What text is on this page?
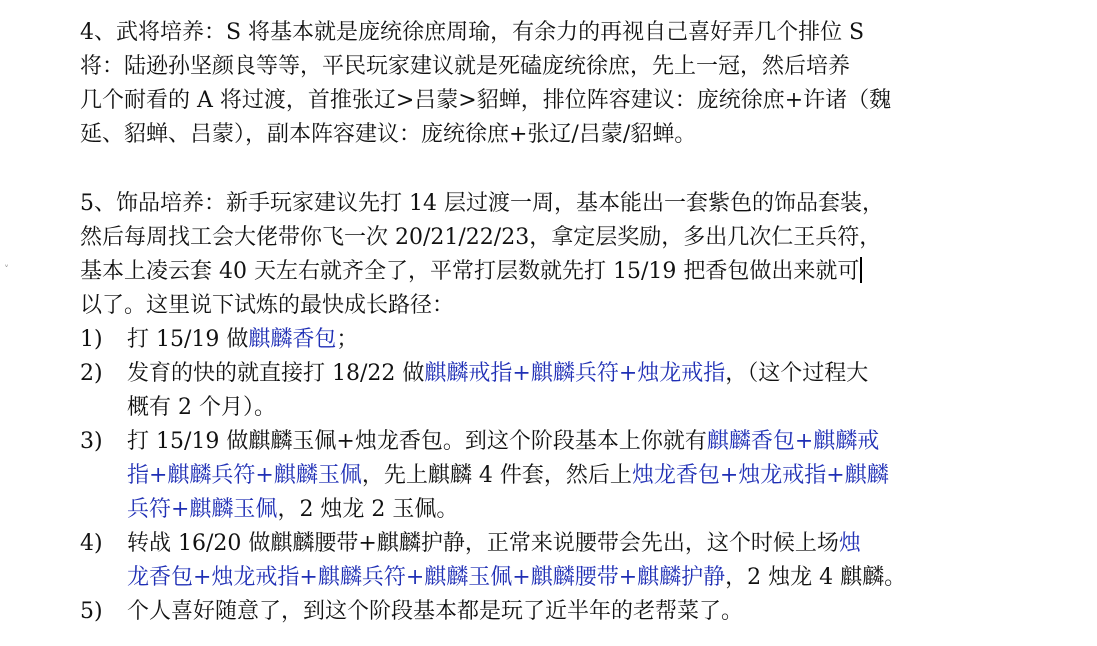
˅
4、武将培养：S 将基本就是庞统徐庶周瑜，有余力的再视自己喜好弄几个排位 S
将：陆逊孙坚颜良等等，平民玩家建议就是死磕庞统徐庶，先上一冠，然后培养
几个耐看的 A 将过渡，首推张辽>吕蒙>貂蝉，排位阵容建议：庞统徐庶+许诸（魏
延、貂蝉、吕蒙），副本阵容建议：庞统徐庶+张辽/吕蒙/貂蝉。
5、饰品培养：新手玩家建议先打 14 层过渡一周，基本能出一套紫色的饰品套装，
然后每周找工会大佬带你飞一次 20/21/22/23，拿定层奖励，多出几次仁王兵符，
基本上凌云套 40 天左右就齐全了，平常打层数就先打 15/19 把香包做出来就可
以了。这里说下试炼的最快成长路径：
1) 打 15/19 做麒麟香包；
2) 发育的快的就直接打 18/22 做麒麟戒指+麒麟兵符+烛龙戒指，（这个过程大
概有 2 个月）。
3) 打 15/19 做麒麟玉佩+烛龙香包。到这个阶段基本上你就有麒麟香包+麒麟戒
指+麒麟兵符+麒麟玉佩，先上麒麟 4 件套，然后上烛龙香包+烛龙戒指+麒麟
兵符+麒麟玉佩，2 烛龙 2 玉佩。
4) 转战 16/20 做麒麟腰带+麒麟护静，正常来说腰带会先出，这个时候上场烛
龙香包+烛龙戒指+麒麟兵符+麒麟玉佩+麒麟腰带+麒麟护静，2 烛龙 4 麒麟。
5) 个人喜好随意了，到这个阶段基本都是玩了近半年的老帮菜了。
